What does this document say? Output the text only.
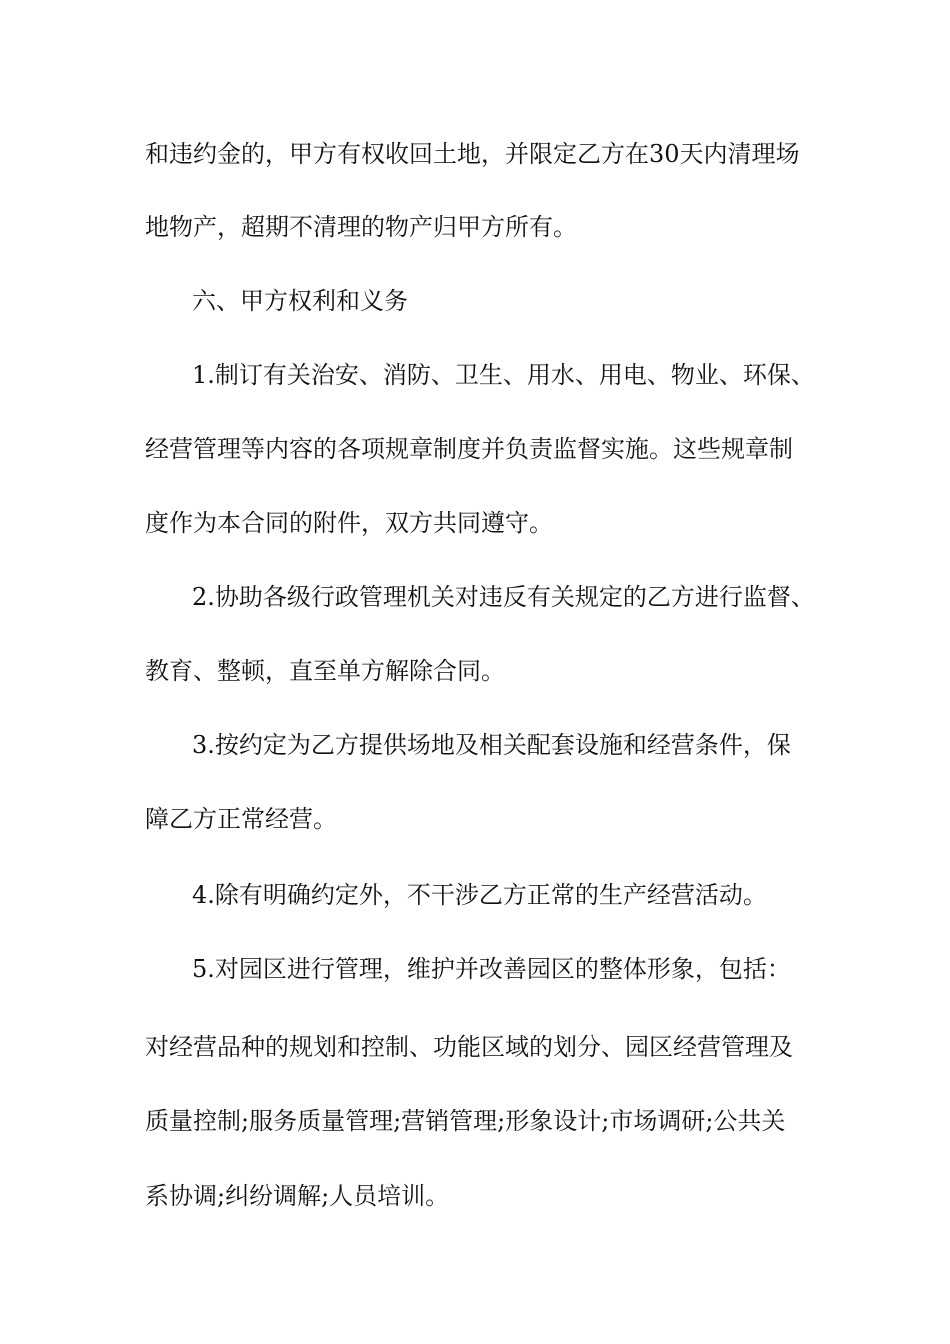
和违约金的，甲方有权收回土地，并限定乙方在30天内清理场
地物产，超期不清理的物产归甲方所有。
六、甲方权利和义务
1.制订有关治安、消防、卫生、用水、用电、物业、环保、
经营管理等内容的各项规章制度并负责监督实施。这些规章制
度作为本合同的附件，双方共同遵守。
2.协助各级行政管理机关对违反有关规定的乙方进行监督、
教育、整顿，直至单方解除合同。
3.按约定为乙方提供场地及相关配套设施和经营条件，保
障乙方正常经营。
4.除有明确约定外，不干涉乙方正常的生产经营活动。
5.对园区进行管理，维护并改善园区的整体形象，包括：
对经营品种的规划和控制、功能区域的划分、园区经营管理及
质量控制;服务质量管理;营销管理;形象设计;市场调研;公共关
系协调;纠纷调解;人员培训。
